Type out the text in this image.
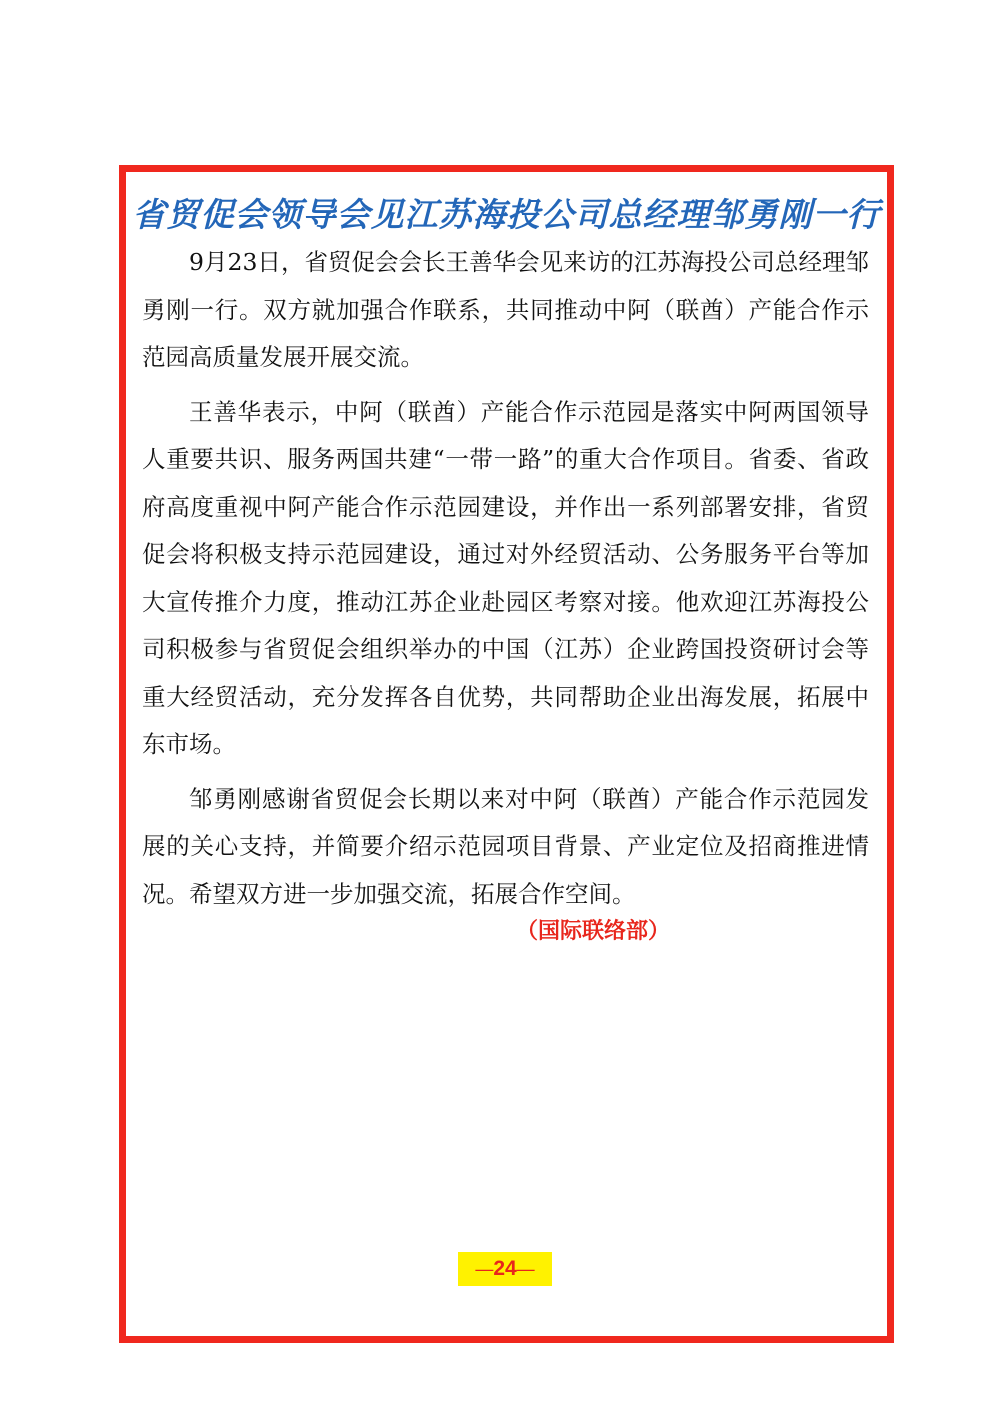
省贸促会领导会见江苏海投公司总经理邹勇刚一行

9月23日，省贸促会会长王善华会见来访的江苏海投公司总经理邹勇刚一行。双方就加强合作联系，共同推动中阿（联酋）产能合作示范园高质量发展开展交流。

王善华表示，中阿（联酋）产能合作示范园是落实中阿两国领导人重要共识、服务两国共建“一带一路”的重大合作项目。省委、省政府高度重视中阿产能合作示范园建设，并作出一系列部署安排，省贸促会将积极支持示范园建设，通过对外经贸活动、公务服务平台等加大宣传推介力度，推动江苏企业赴园区考察对接。他欢迎江苏海投公司积极参与省贸促会组织举办的中国（江苏）企业跨国投资研讨会等重大经贸活动，充分发挥各自优势，共同帮助企业出海发展，拓展中东市场。

邹勇刚感谢省贸促会长期以来对中阿（联酋）产能合作示范园发展的关心支持，并简要介绍示范园项目背景、产业定位及招商推进情况。希望双方进一步加强交流，拓展合作空间。

（国际联络部）
—24—
